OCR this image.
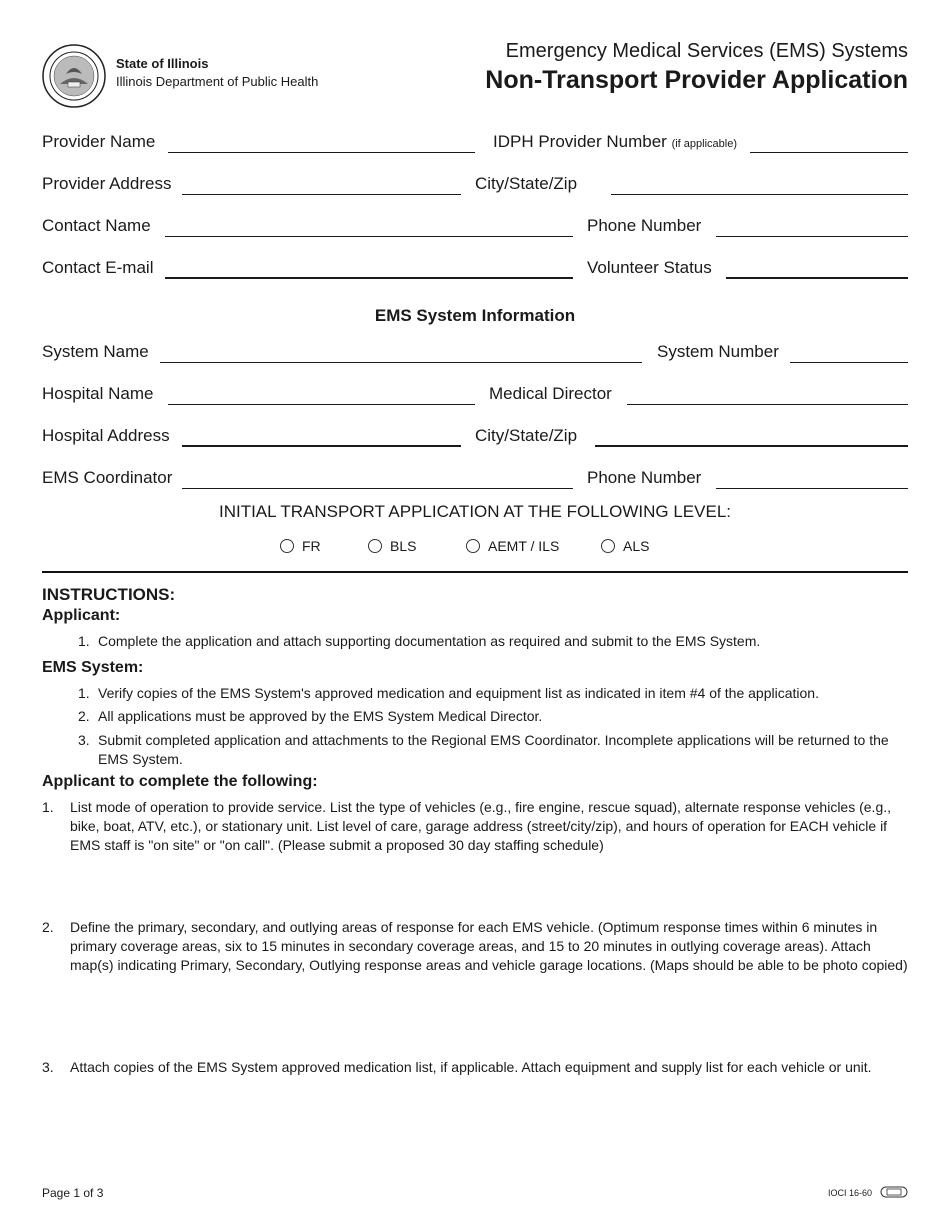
State of Illinois
Illinois Department of Public Health
Emergency Medical Services (EMS) Systems
Non-Transport Provider Application
Provider Name	IDPH Provider Number (if applicable)
Provider Address	City/State/Zip
Contact Name	Phone Number
Contact E-mail	Volunteer Status
EMS System Information
System Name	System Number
Hospital Name	Medical Director
Hospital Address	City/State/Zip
EMS Coordinator	Phone Number
INITIAL TRANSPORT APPLICATION AT THE FOLLOWING LEVEL:
FR	BLS	AEMT / ILS	ALS
INSTRUCTIONS:
Applicant:
1. Complete the application and attach supporting documentation as required and submit to the EMS System.
EMS System:
1. Verify copies of the EMS System's approved medication and equipment list as indicated in item #4 of the application.
2. All applications must be approved by the EMS System Medical Director.
3. Submit completed application and attachments to the Regional EMS Coordinator. Incomplete applications will be returned to the EMS System.
Applicant to complete the following:
1. List mode of operation to provide service. List the type of vehicles (e.g., fire engine, rescue squad), alternate response vehicles (e.g., bike, boat, ATV, etc.), or stationary unit. List level of care, garage address (street/city/zip), and hours of operation for EACH vehicle if EMS staff is "on site" or "on call". (Please submit a proposed 30 day staffing schedule)
2. Define the primary, secondary, and outlying areas of response for each EMS vehicle. (Optimum response times within 6 minutes in primary coverage areas, six to 15 minutes in secondary coverage areas, and 15 to 20 minutes in outlying coverage areas). Attach map(s) indicating Primary, Secondary, Outlying response areas and vehicle garage locations. (Maps should be able to be photo copied)
3. Attach copies of the EMS System approved medication list, if applicable. Attach equipment and supply list for each vehicle or unit.
Page 1 of 3	IOCI 16-60
